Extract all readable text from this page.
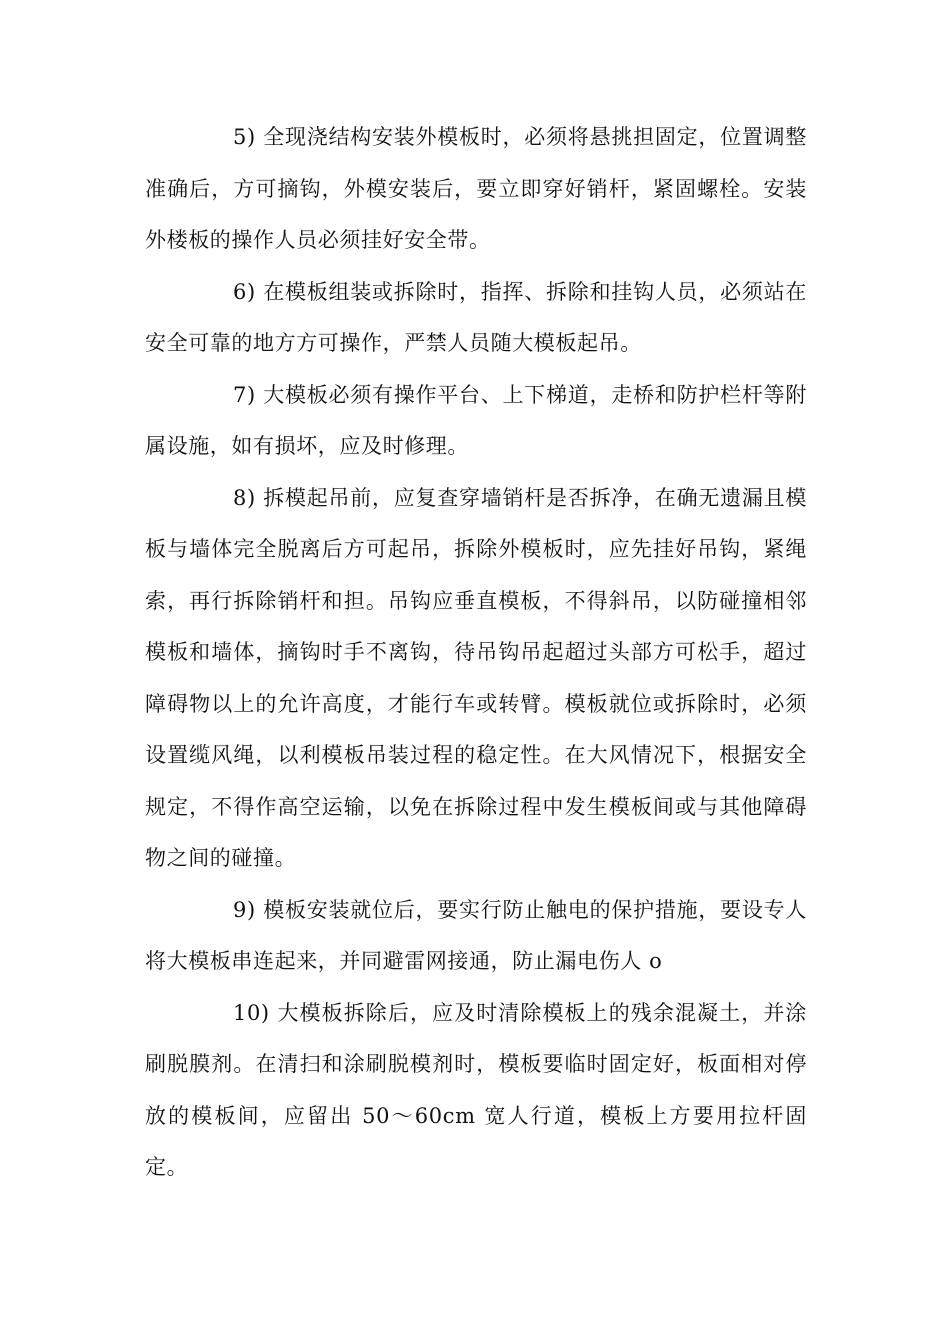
5) 全现浇结构安装外模板时，必须将悬挑担固定，位置调整准确后，方可摘钩，外模安装后，要立即穿好销杆，紧固螺栓。安装外楼板的操作人员必须挂好安全带。

6) 在模板组装或拆除时，指挥、拆除和挂钩人员，必须站在安全可靠的地方方可操作，严禁人员随大模板起吊。

7) 大模板必须有操作平台、上下梯道，走桥和防护栏杆等附属设施，如有损坏，应及时修理。

8) 拆模起吊前，应复查穿墙销杆是否拆净，在确无遗漏且模板与墙体完全脱离后方可起吊，拆除外模板时，应先挂好吊钩，紧绳索，再行拆除销杆和担。吊钩应垂直模板，不得斜吊，以防碰撞相邻模板和墙体，摘钩时手不离钩，待吊钩吊起超过头部方可松手，超过障碍物以上的允许高度，才能行车或转臂。模板就位或拆除时，必须设置缆风绳，以利模板吊装过程的稳定性。在大风情况下，根据安全规定，不得作高空运输，以免在拆除过程中发生模板间或与其他障碍物之间的碰撞。

9) 模板安装就位后，要实行防止触电的保护措施，要设专人将大模板串连起来，并同避雷网接通，防止漏电伤人 o

10) 大模板拆除后，应及时清除模板上的残余混凝土，并涂刷脱膜剂。在清扫和涂刷脱模剂时，模板要临时固定好，板面相对停放的模板间，应留出 50～60cm 宽人行道，模板上方要用拉杆固定。
